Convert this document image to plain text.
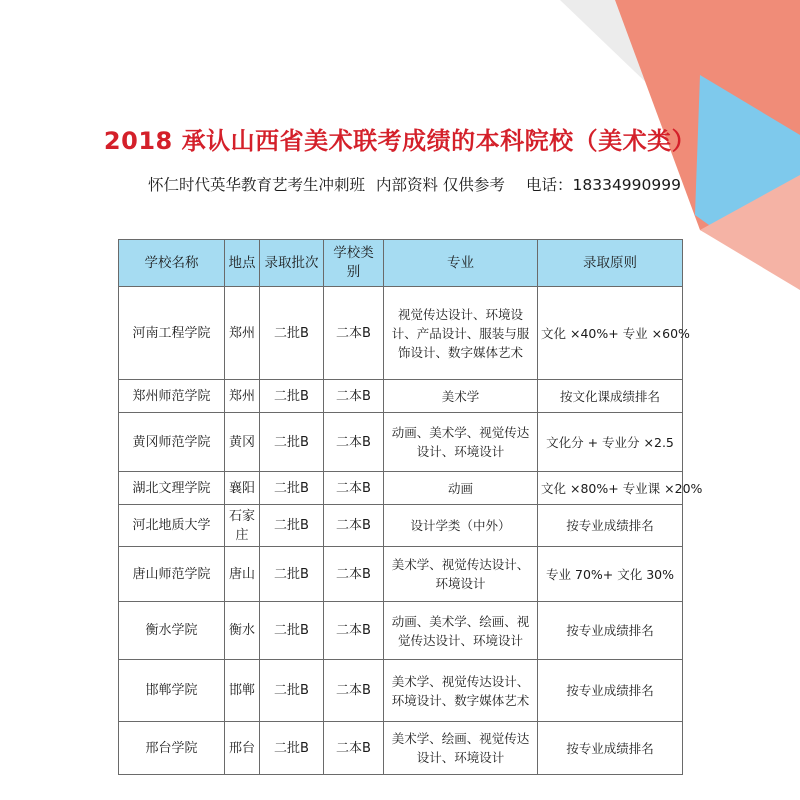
2018 承认山西省美术联考成绩的本科院校（美术类）
怀仁时代英华教育艺考生冲刺班 内部资料 仅供参考 电话：18334990999
学校名称	地点	录取批次	学校类别	专业	录取原则
河南工程学院	郑州	二批B	二本B	视觉传达设计、环境设计、产品设计、服装与服饰设计、数字媒体艺术	文化 ×40%+ 专业 ×60%
郑州师范学院	郑州	二批B	二本B	美术学	按文化课成绩排名
黄冈师范学院	黄冈	二批B	二本B	动画、美术学、视觉传达设计、环境设计	文化分 + 专业分 ×2.5
湖北文理学院	襄阳	二批B	二本B	动画	文化 ×80%+ 专业课 ×20%
河北地质大学	石家庄	二批B	二本B	设计学类（中外）	按专业成绩排名
唐山师范学院	唐山	二批B	二本B	美术学、视觉传达设计、环境设计	专业 70%+ 文化 30%
衡水学院	衡水	二批B	二本B	动画、美术学、绘画、视觉传达设计、环境设计	按专业成绩排名
邯郸学院	邯郸	二批B	二本B	美术学、视觉传达设计、环境设计、数字媒体艺术	按专业成绩排名
邢台学院	邢台	二批B	二本B	美术学、绘画、视觉传达设计、环境设计	按专业成绩排名
